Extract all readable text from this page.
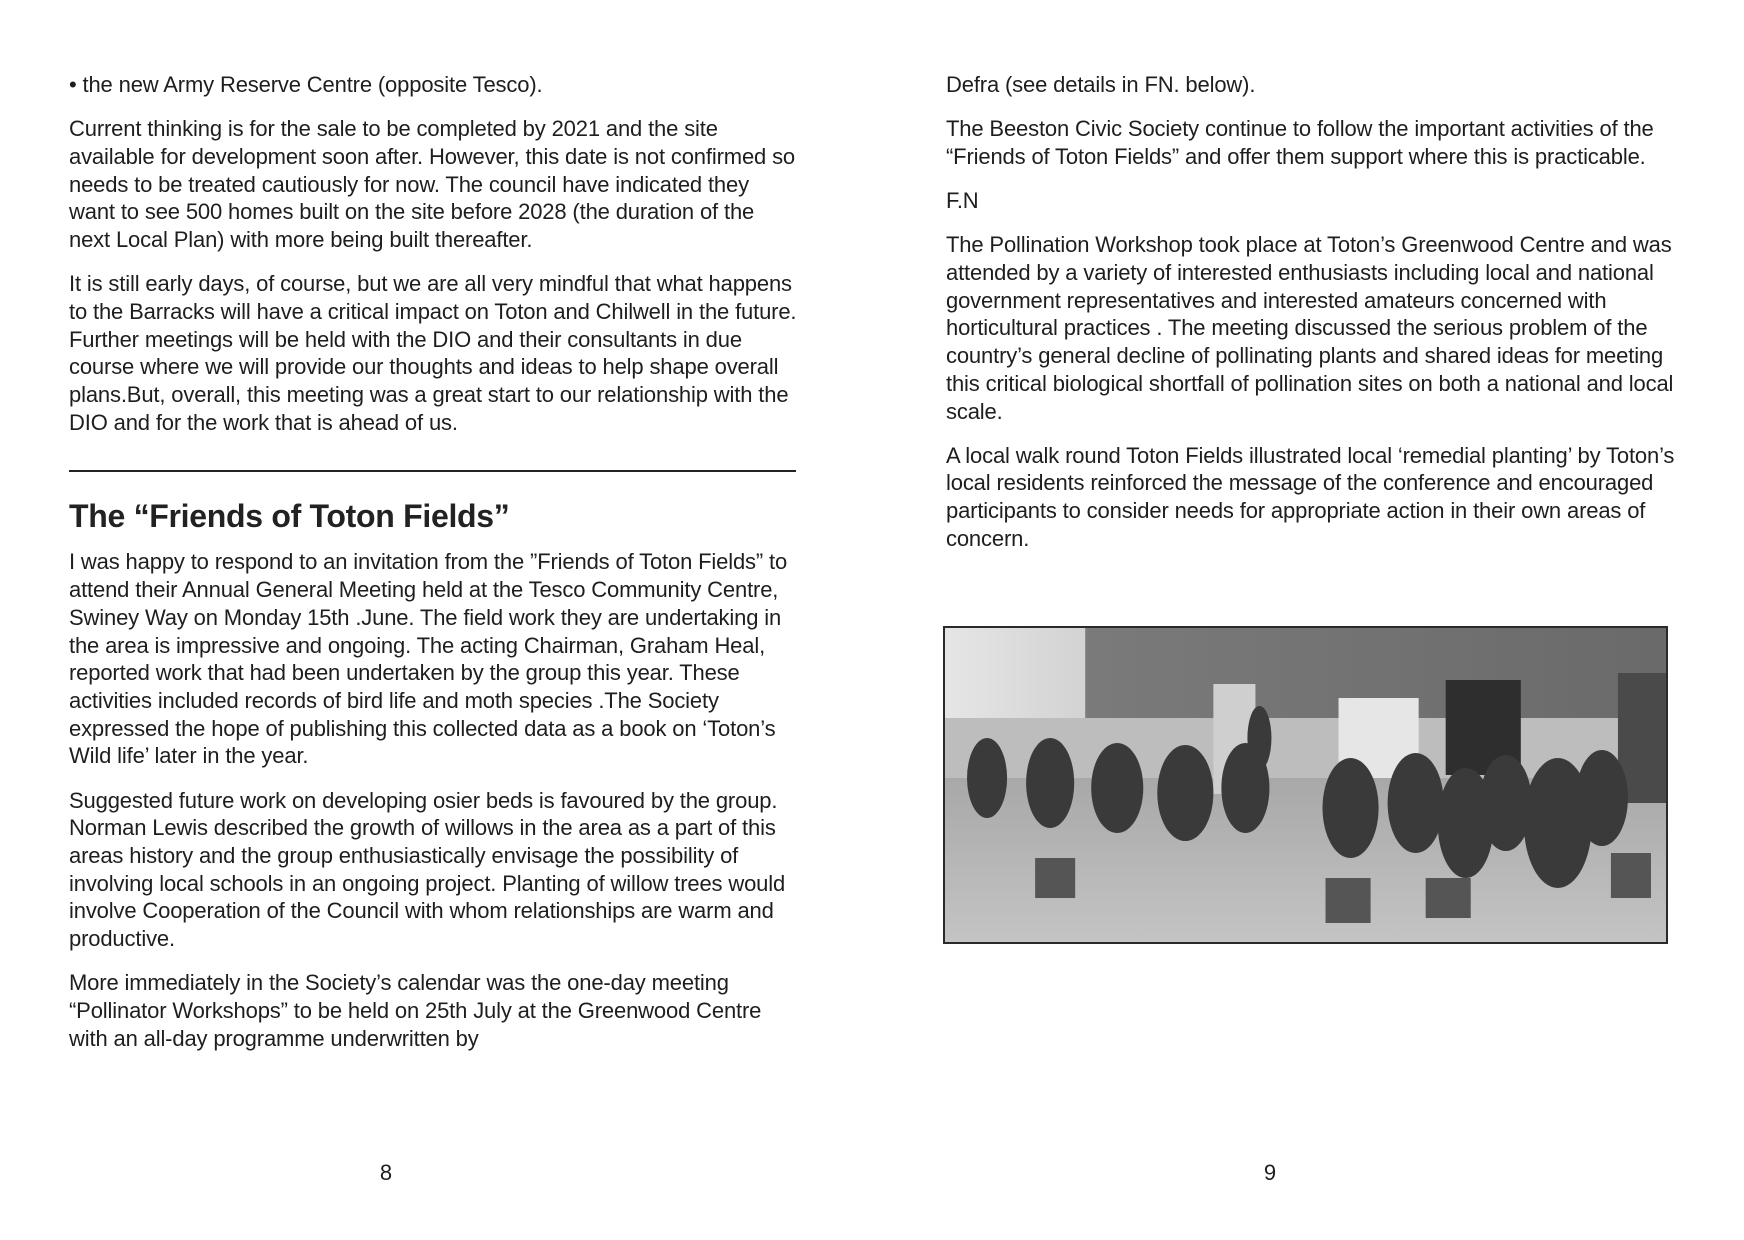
• the new Army Reserve Centre (opposite Tesco).

Current thinking is for the sale to be completed by 2021 and the site available for development soon after. However, this date is not confirmed so needs to be treated cautiously for now. The council have indicated they want to see 500 homes built on the site before 2028 (the duration of the next Local Plan) with more being built thereafter.

It is still early days, of course, but we are all very mindful that what happens to the Barracks will have a critical impact on Toton and Chilwell in the future. Further meetings will be held with the DIO and their consultants in due course where we will provide our thoughts and ideas to help shape overall plans.But, overall, this meeting was a great start to our relationship with the DIO and for the work that is ahead of us.

The “Friends of Toton Fields”

I was happy to respond to an invitation from the ”Friends of Toton Fields” to attend their Annual General Meeting held at the Tesco Community Centre, Swiney Way on Monday 15th .June. The field work they are undertaking in the area is impressive and ongoing. The acting Chairman, Graham Heal, reported work that had been undertaken by the group this year. These activities included records of bird life and moth species .The Society expressed the hope of publishing this collected data as a book on ‘Toton’s Wild life’ later in the year.

Suggested future work on developing osier beds is favoured by the group. Norman Lewis described the growth of willows in the area as a part of this areas history and the group enthusiastically envisage the possibility of involving local schools in an ongoing project. Planting of willow trees would involve Cooperation of the Council with whom relationships are warm and productive.

More immediately in the Society’s calendar was the one-day meeting “Pollinator Workshops” to be held on 25th July at the Greenwood Centre with an all-day programme underwritten by

8

Defra (see details in FN. below).

The Beeston Civic Society continue to follow the important activities of the “Friends of Toton Fields” and offer them support where this is practicable.

F.N

The Pollination Workshop took place at Toton’s Greenwood Centre and was attended by a variety of interested enthusiasts including local and national government representatives and interested amateurs concerned with horticultural practices . The meeting discussed the serious problem of the country’s general decline of pollinating plants and shared ideas for meeting this critical biological shortfall of pollination sites on both a national and local scale.

A local walk round Toton Fields illustrated local ‘remedial planting’ by Toton’s local residents reinforced the message of the conference and encouraged participants to consider needs for appropriate action in their own areas of concern.

9
